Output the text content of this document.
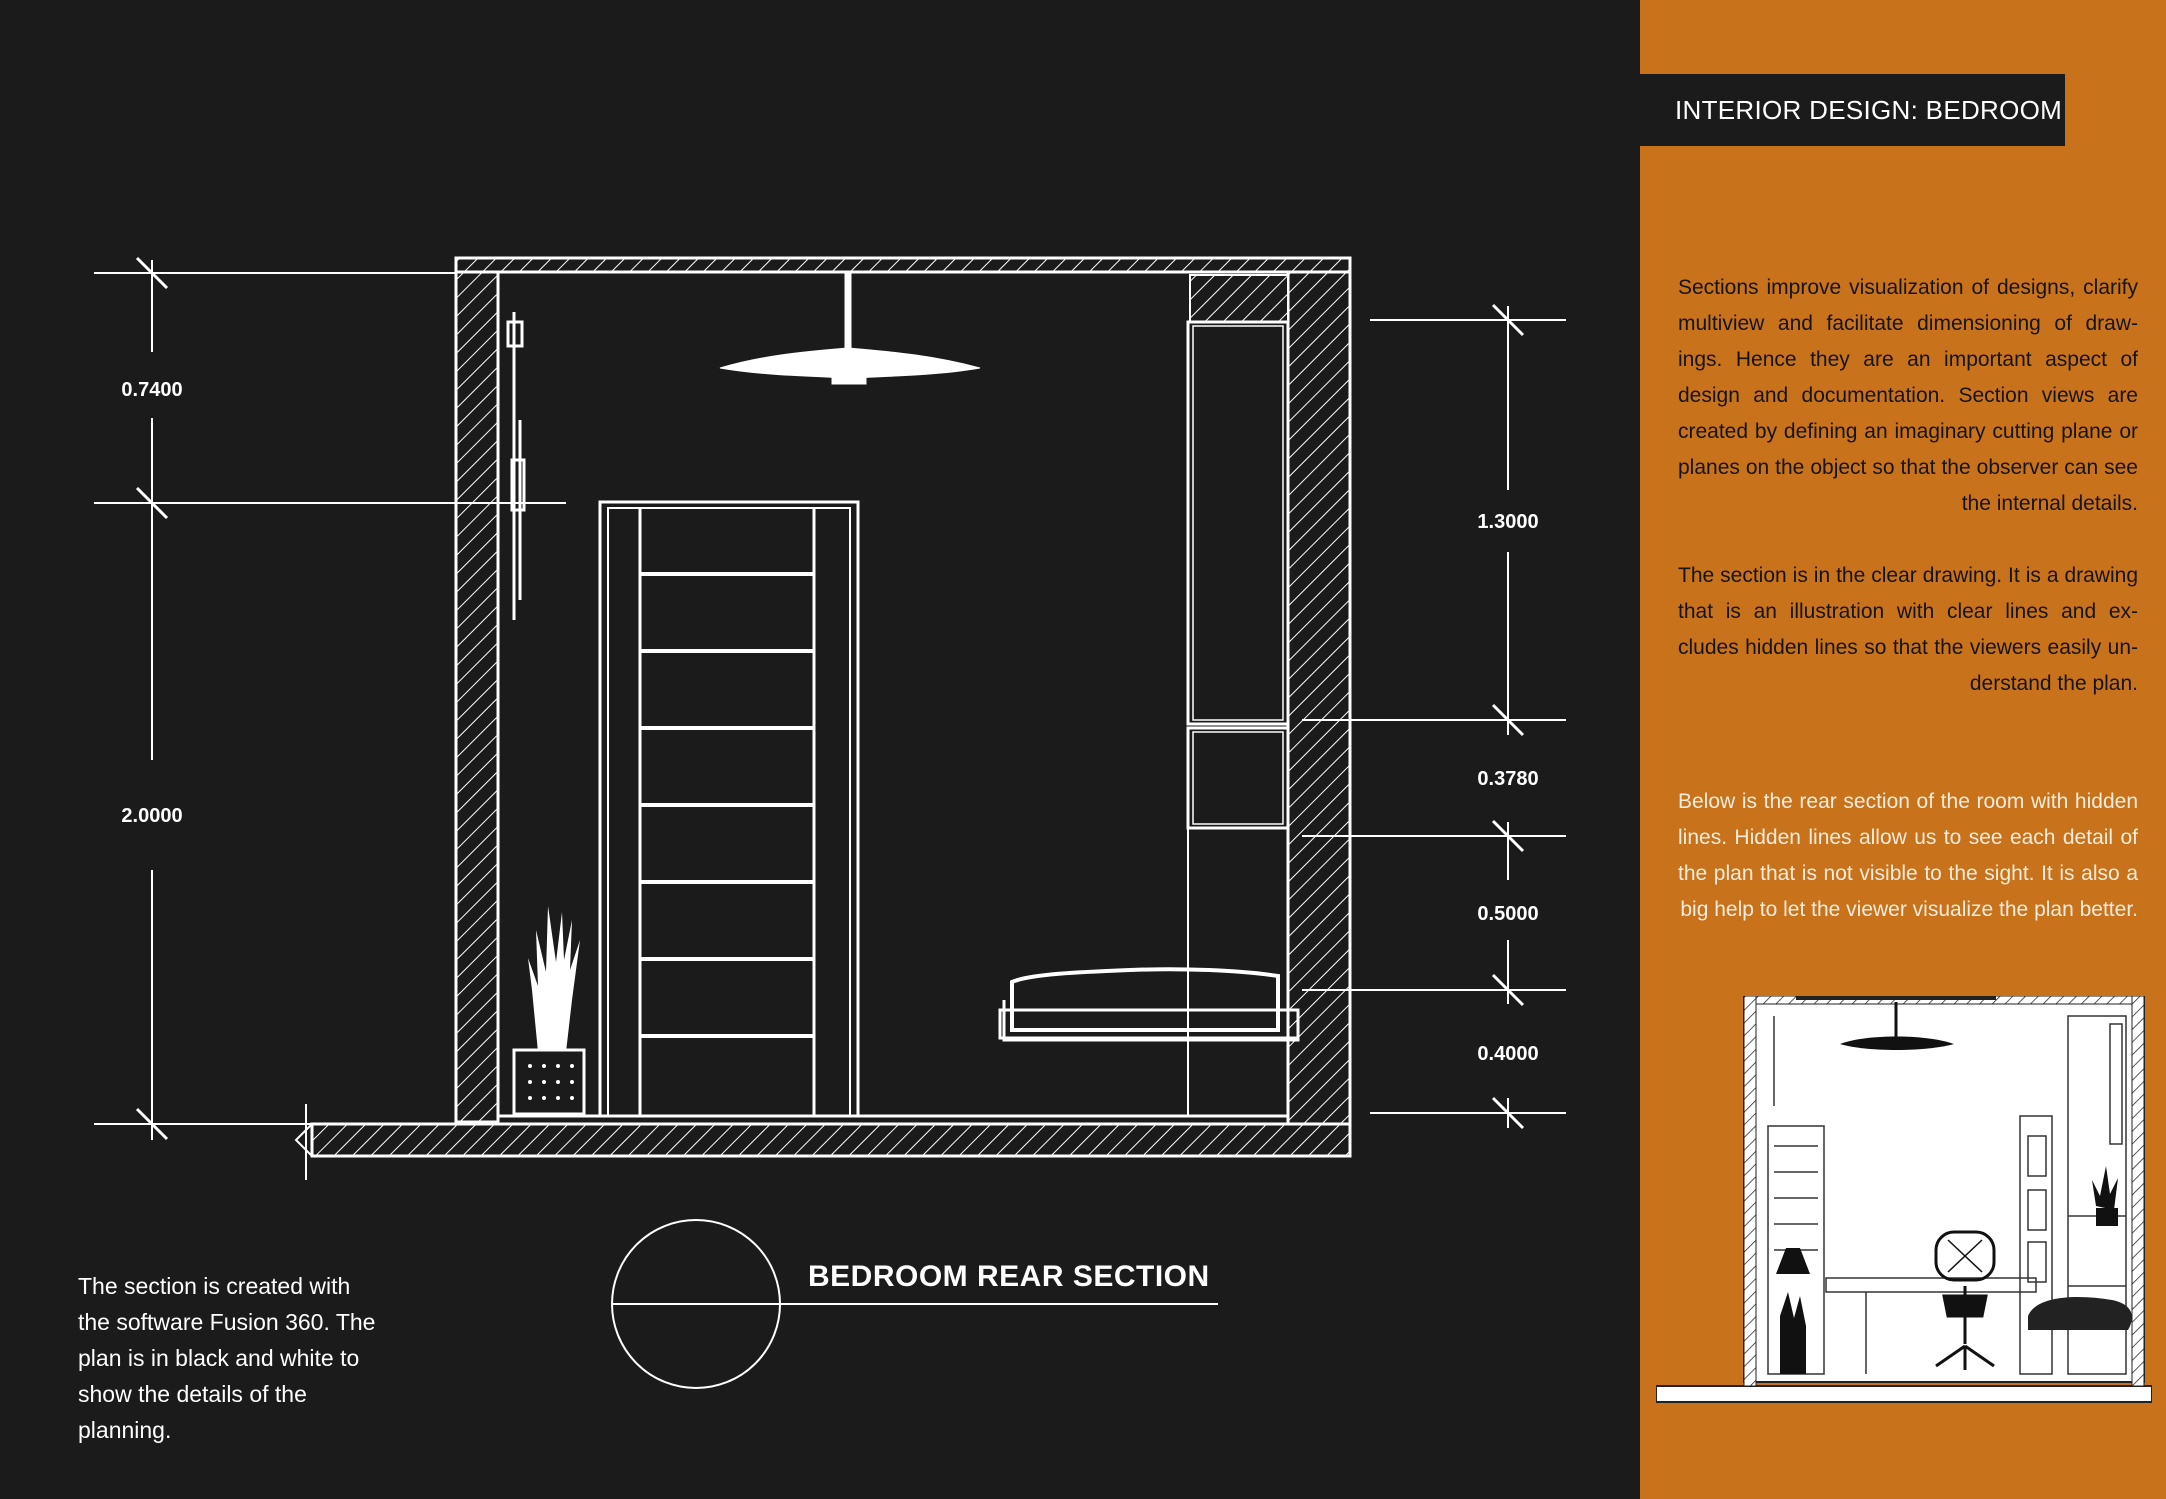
0.7400
2.0000
1.3000
0.3780
0.5000
0.4000
BEDROOM REAR SECTION
The section is created with the software Fusion 360. The plan is in black and white to show the details of the planning.
INTERIOR DESIGN: BEDROOM

Sections improve visualization of designs, clarify multiview and facilitate dimensioning of draw-ings. Hence they are an important aspect of design and documentation. Section views are created by defining an imaginary cutting plane or planes on the object so that the observer can see the internal details.

The section is in the clear drawing. It is a drawing that is an illustration with clear lines and ex-cludes hidden lines so that the viewers easily un-derstand the plan.

Below is the rear section of the room with hidden lines. Hidden lines allow us to see each detail of the plan that is not visible to the sight. It is also a big help to let the viewer visualize the plan better.
